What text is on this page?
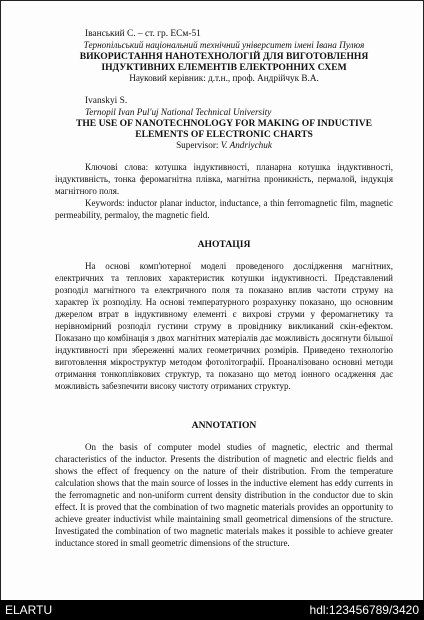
Іванський С. – ст. гр. ЕСм-51

Тернопільський національний технічний університет імені Івана Пулюя

ВИКОРИСТАННЯ НАНОТЕХНОЛОГІЙ ДЛЯ ВИГОТОВЛЕННЯ

ІНДУКТИВНИХ ЕЛЕМЕНТІВ ЕЛЕКТРОННИХ СХЕМ

Науковий керівник: д.т.н., проф. Андрійчук В.А.

Ivanskyi S.

Ternopil Ivan Pul'uj National Technical University

THE USE OF NANOTECHNOLOGY FOR MAKING OF INDUCTIVE

ELEMENTS OF ELECTRONIC CHARTS

Supervisor: V. Andriychuk

Ключові слова: котушка індуктивності, планарна котушка індуктивності, індуктивність, тонка феромагнітна плівка, магнітна проникність, пермалой, індукція магнітного поля.

Keywords: inductor planar inductor, inductance, a thin ferromagnetic film, magnetic permeability, permaloy, the magnetic field.

АНОТАЦІЯ

На основі комп'ютерної моделі проведеного дослідження магнітних, електричних та теплових характеристик котушки індуктивності. Представлений розподіл магнітного та електричного поля та показано вплив частоти струму на характер їх розподілу. На основі температурного розрахунку показано, що основним джерелом втрат в індуктивному елементі є вихрові струми у феромагнетику та нерівномірний розподіл густини струму в провіднику викликаний скін-ефектом. Показано що комбінація з двох магнітних матеріалів дає можливість досягнути більшої індуктивності при збереженні малих геометричних розмірів. Приведено технологію виготовлення мікроструктур методом фотолітографії. Проаналізовано основні методи отримання тонкоплівкових структур, та показано що метод іонного осадження дає можливість забезпечити високу чистоту отриманих структур.

ANNOTATION

On the basis of computer model studies of magnetic, electric and thermal characteristics of the inductor. Presents the distribution of magnetic and electric fields and shows the effect of frequency on the nature of their distribution. From the temperature calculation shows that the main source of losses in the inductive element has eddy currents in the ferromagnetic and non-uniform current density distribution in the conductor due to skin effect. It is proved that the combination of two magnetic materials provides an opportunity to achieve greater inductivist while maintaining small geometrical dimensions of the structure. Investigated the combination of two magnetic materials makes it possible to achieve greater inductance stored in small geometric dimensions of the structure.

ELARTU	hdl:123456789/3420
